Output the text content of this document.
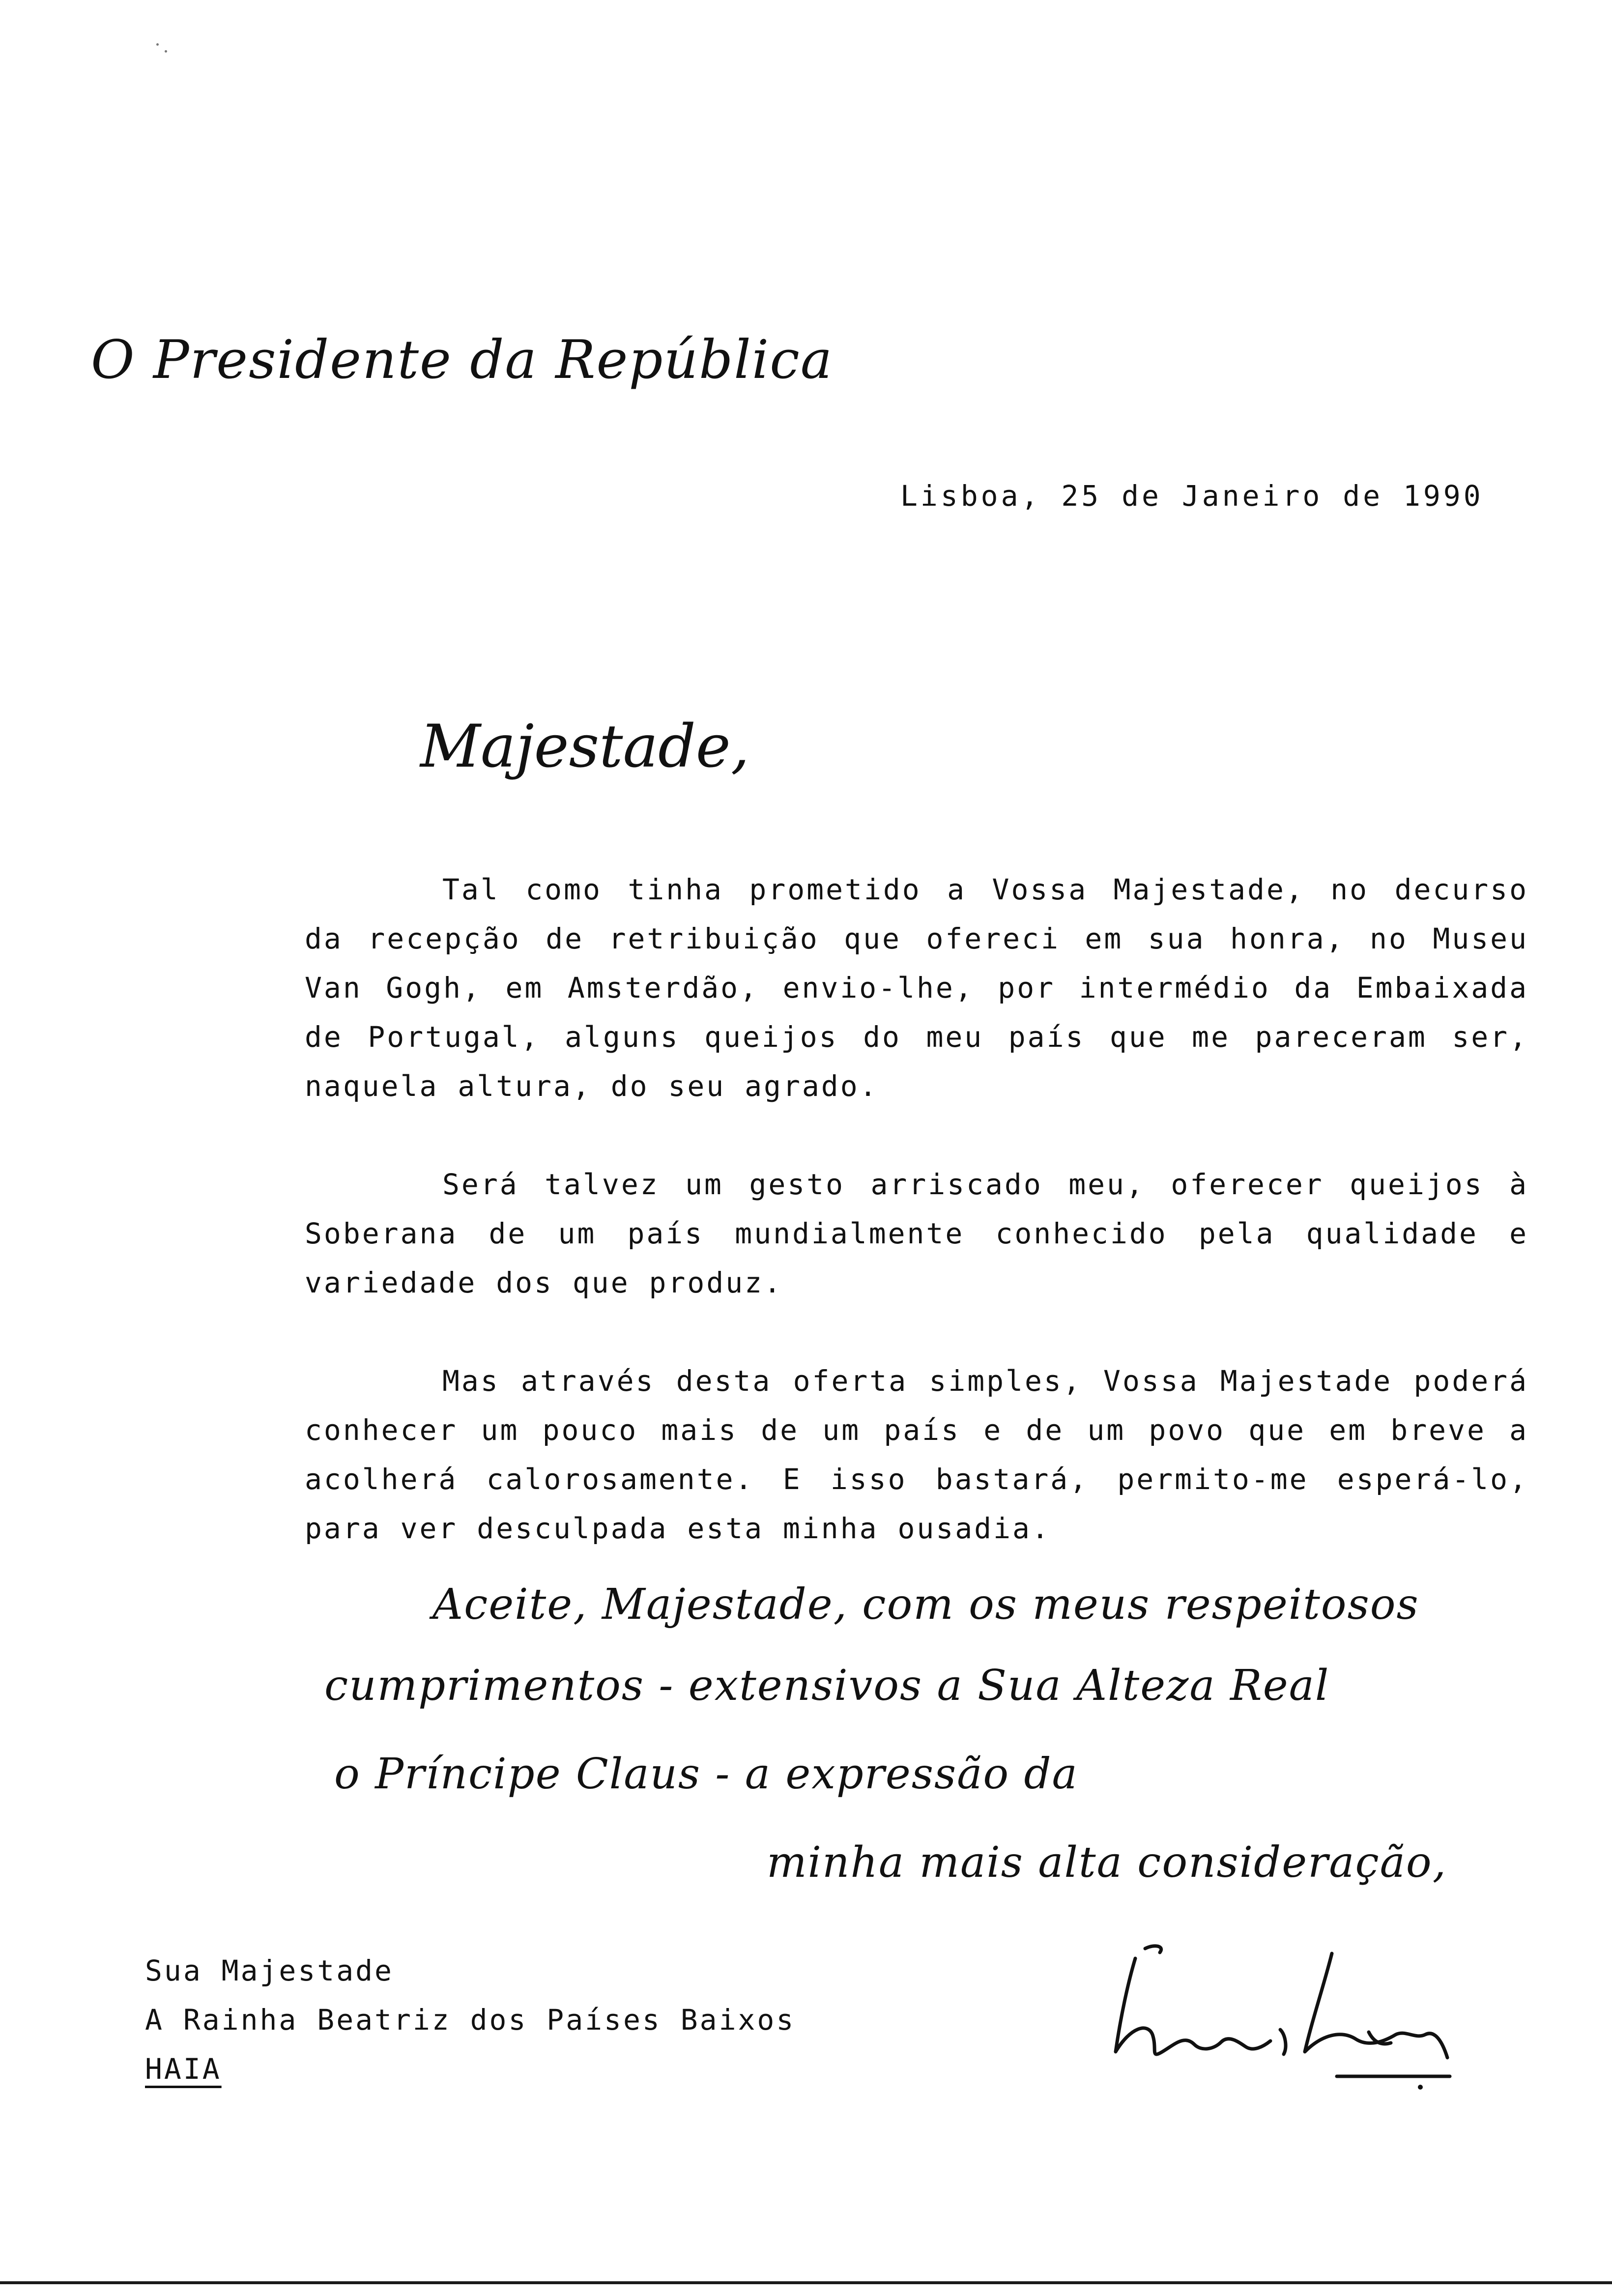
O Presidente da República
Lisboa, 25 de Janeiro de 1990
Majestade,

Tal como tinha prometido a Vossa Majestade, no decurso da recepção de retribuição que ofereci em sua honra, no Museu Van Gogh, em Amsterdão, envio-lhe, por intermédio da Embaixada de Portugal, alguns queijos do meu país que me pareceram ser, naquela altura, do seu agrado.

Será talvez um gesto arriscado meu, oferecer queijos à Soberana de um país mundialmente conhecido pela qualidade e variedade dos que produz.

Mas através desta oferta simples, Vossa Majestade poderá conhecer um pouco mais de um país e de um povo que em breve a acolherá calorosamente. E isso bastará, permito-me esperá-lo, para ver desculpada esta minha ousadia.

Aceite, Majestade, com os meus respeitosos
cumprimentos - extensivos a Sua Alteza Real
o Príncipe Claus - a expressão da
minha mais alta consideração,
Sua Majestade
A Rainha Beatriz dos Países Baixos
HAIA
